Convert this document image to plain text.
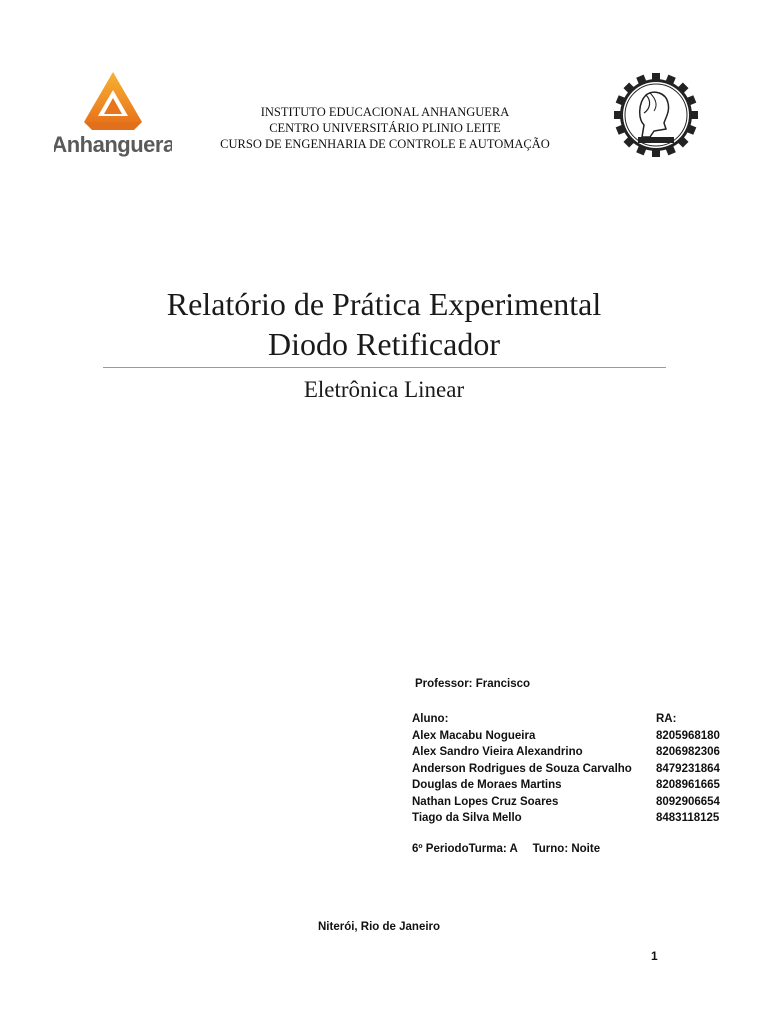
Anhanguera
INSTITUTO EDUCACIONAL ANHANGUERA
CENTRO UNIVERSITÁRIO PLINIO LEITE
CURSO DE ENGENHARIA DE CONTROLE E AUTOMAÇÃO
Relatório de Prática Experimental
Diodo Retificador
Eletrônica Linear
Professor: Francisco
Aluno:	RA:
Alex Macabu Nogueira	8205968180
Alex Sandro Vieira Alexandrino	8206982306
Anderson Rodrigues de Souza Carvalho	8479231864
Douglas de Moraes Martins	8208961665
Nathan Lopes Cruz Soares	8092906654
Tiago da Silva Mello	8483118125
6º PeriodoTurma: A Turno: Noite
Niterói, Rio de Janeiro
1
